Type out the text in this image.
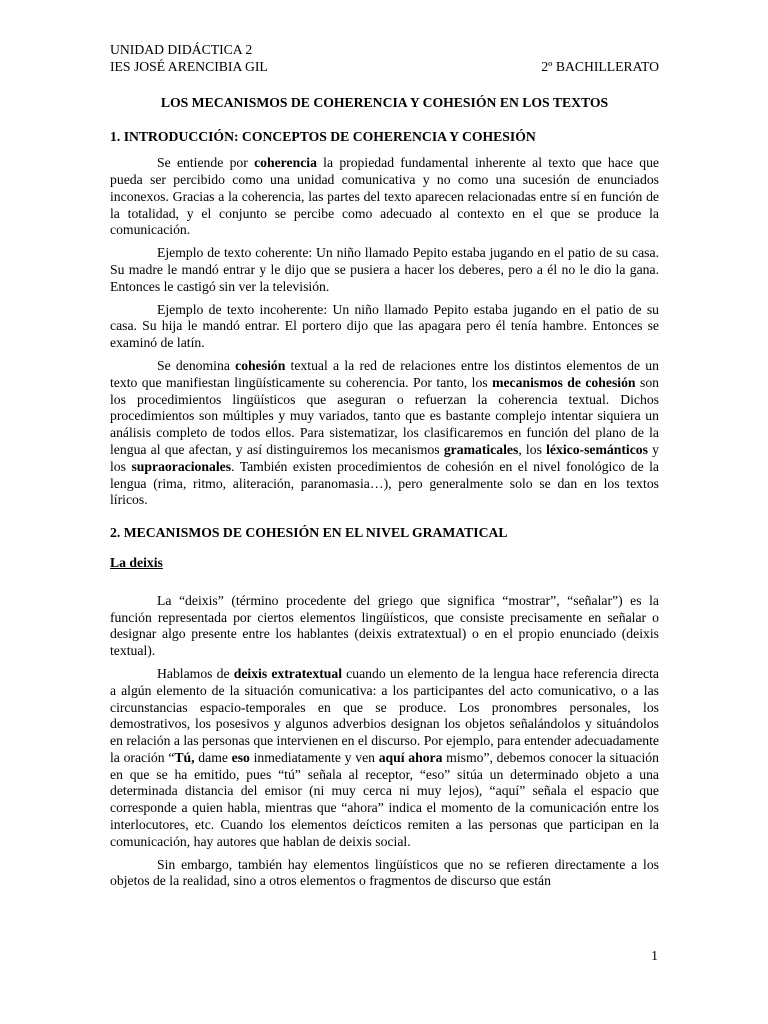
UNIDAD DIDÁCTICA 2
IES JOSÉ ARENCIBIA GIL	2º BACHILLERATO
LOS MECANISMOS DE COHERENCIA Y COHESIÓN EN LOS TEXTOS
1. INTRODUCCIÓN: CONCEPTOS DE COHERENCIA Y COHESIÓN

Se entiende por coherencia la propiedad fundamental inherente al texto que hace que pueda ser percibido como una unidad comunicativa y no como una sucesión de enunciados inconexos. Gracias a la coherencia, las partes del texto aparecen relacionadas entre sí en función de la totalidad, y el conjunto se percibe como adecuado al contexto en el que se produce la comunicación.

Ejemplo de texto coherente: Un niño llamado Pepito estaba jugando en el patio de su casa. Su madre le mandó entrar y le dijo que se pusiera a hacer los deberes, pero a él no le dio la gana. Entonces le castigó sin ver la televisión.

Ejemplo de texto incoherente: Un niño llamado Pepito estaba jugando en el patio de su casa. Su hija le mandó entrar. El portero dijo que las apagara pero él tenía hambre. Entonces se examinó de latín.

Se denomina cohesión textual a la red de relaciones entre los distintos elementos de un texto que manifiestan lingüísticamente su coherencia. Por tanto, los mecanismos de cohesión son los procedimientos lingüísticos que aseguran o refuerzan la coherencia textual. Dichos procedimientos son múltiples y muy variados, tanto que es bastante complejo intentar siquiera un análisis completo de todos ellos. Para sistematizar, los clasificaremos en función del plano de la lengua al que afectan, y así distinguiremos los mecanismos gramaticales, los léxico-semánticos y los supraoracionales. También existen procedimientos de cohesión en el nivel fonológico de la lengua (rima, ritmo, aliteración, paranomasia…), pero generalmente solo se dan en los textos líricos.

2. MECANISMOS DE COHESIÓN EN EL NIVEL GRAMATICAL
La deixis

La “deixis” (término procedente del griego que significa “mostrar”, “señalar”) es la función representada por ciertos elementos lingüísticos, que consiste precisamente en señalar o designar algo presente entre los hablantes (deixis extratextual) o en el propio enunciado (deixis textual).

Hablamos de deixis extratextual cuando un elemento de la lengua hace referencia directa a algún elemento de la situación comunicativa: a los participantes del acto comunicativo, o a las circunstancias espacio-temporales en que se produce. Los pronombres personales, los demostrativos, los posesivos y algunos adverbios designan los objetos señalándolos y situándolos en relación a las personas que intervienen en el discurso. Por ejemplo, para entender adecuadamente la oración “Tú, dame eso inmediatamente y ven aquí ahora mismo”, debemos conocer la situación en que se ha emitido, pues “tú” señala al receptor, “eso” sitúa un determinado objeto a una determinada distancia del emisor (ni muy cerca ni muy lejos), “aquí” señala el espacio que corresponde a quien habla, mientras que “ahora” indica el momento de la comunicación entre los interlocutores, etc. Cuando los elementos deícticos remiten a las personas que participan en la comunicación, hay autores que hablan de deixis social.

Sin embargo, también hay elementos lingüísticos que no se refieren directamente a los objetos de la realidad, sino a otros elementos o fragmentos de discurso que están

1
